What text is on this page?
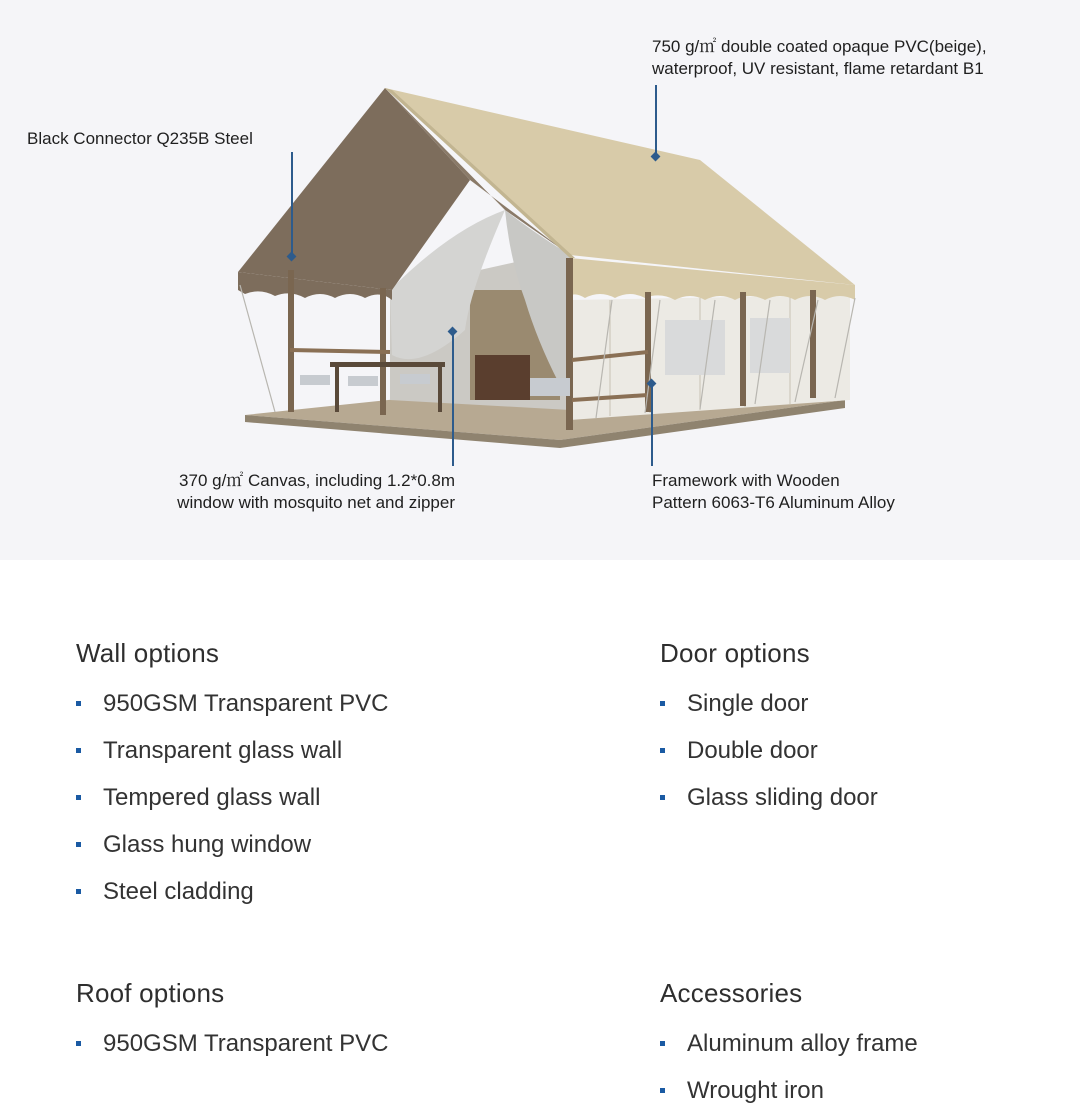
750 g/㎡ double coated opaque PVC(beige),
waterproof, UV resistant, flame retardant B1
Black Connector Q235B Steel
370 g/㎡ Canvas, including 1.2*0.8m
window with mosquito net and zipper
Framework with Wooden
Pattern 6063-T6 Aluminum Alloy
Wall options
950GSM Transparent PVC
Transparent glass wall
Tempered glass wall
Glass hung window
Steel cladding
Door options
Single door
Double door
Glass sliding door
Roof options
950GSM Transparent PVC
Accessories
Aluminum alloy frame
Wrought iron
